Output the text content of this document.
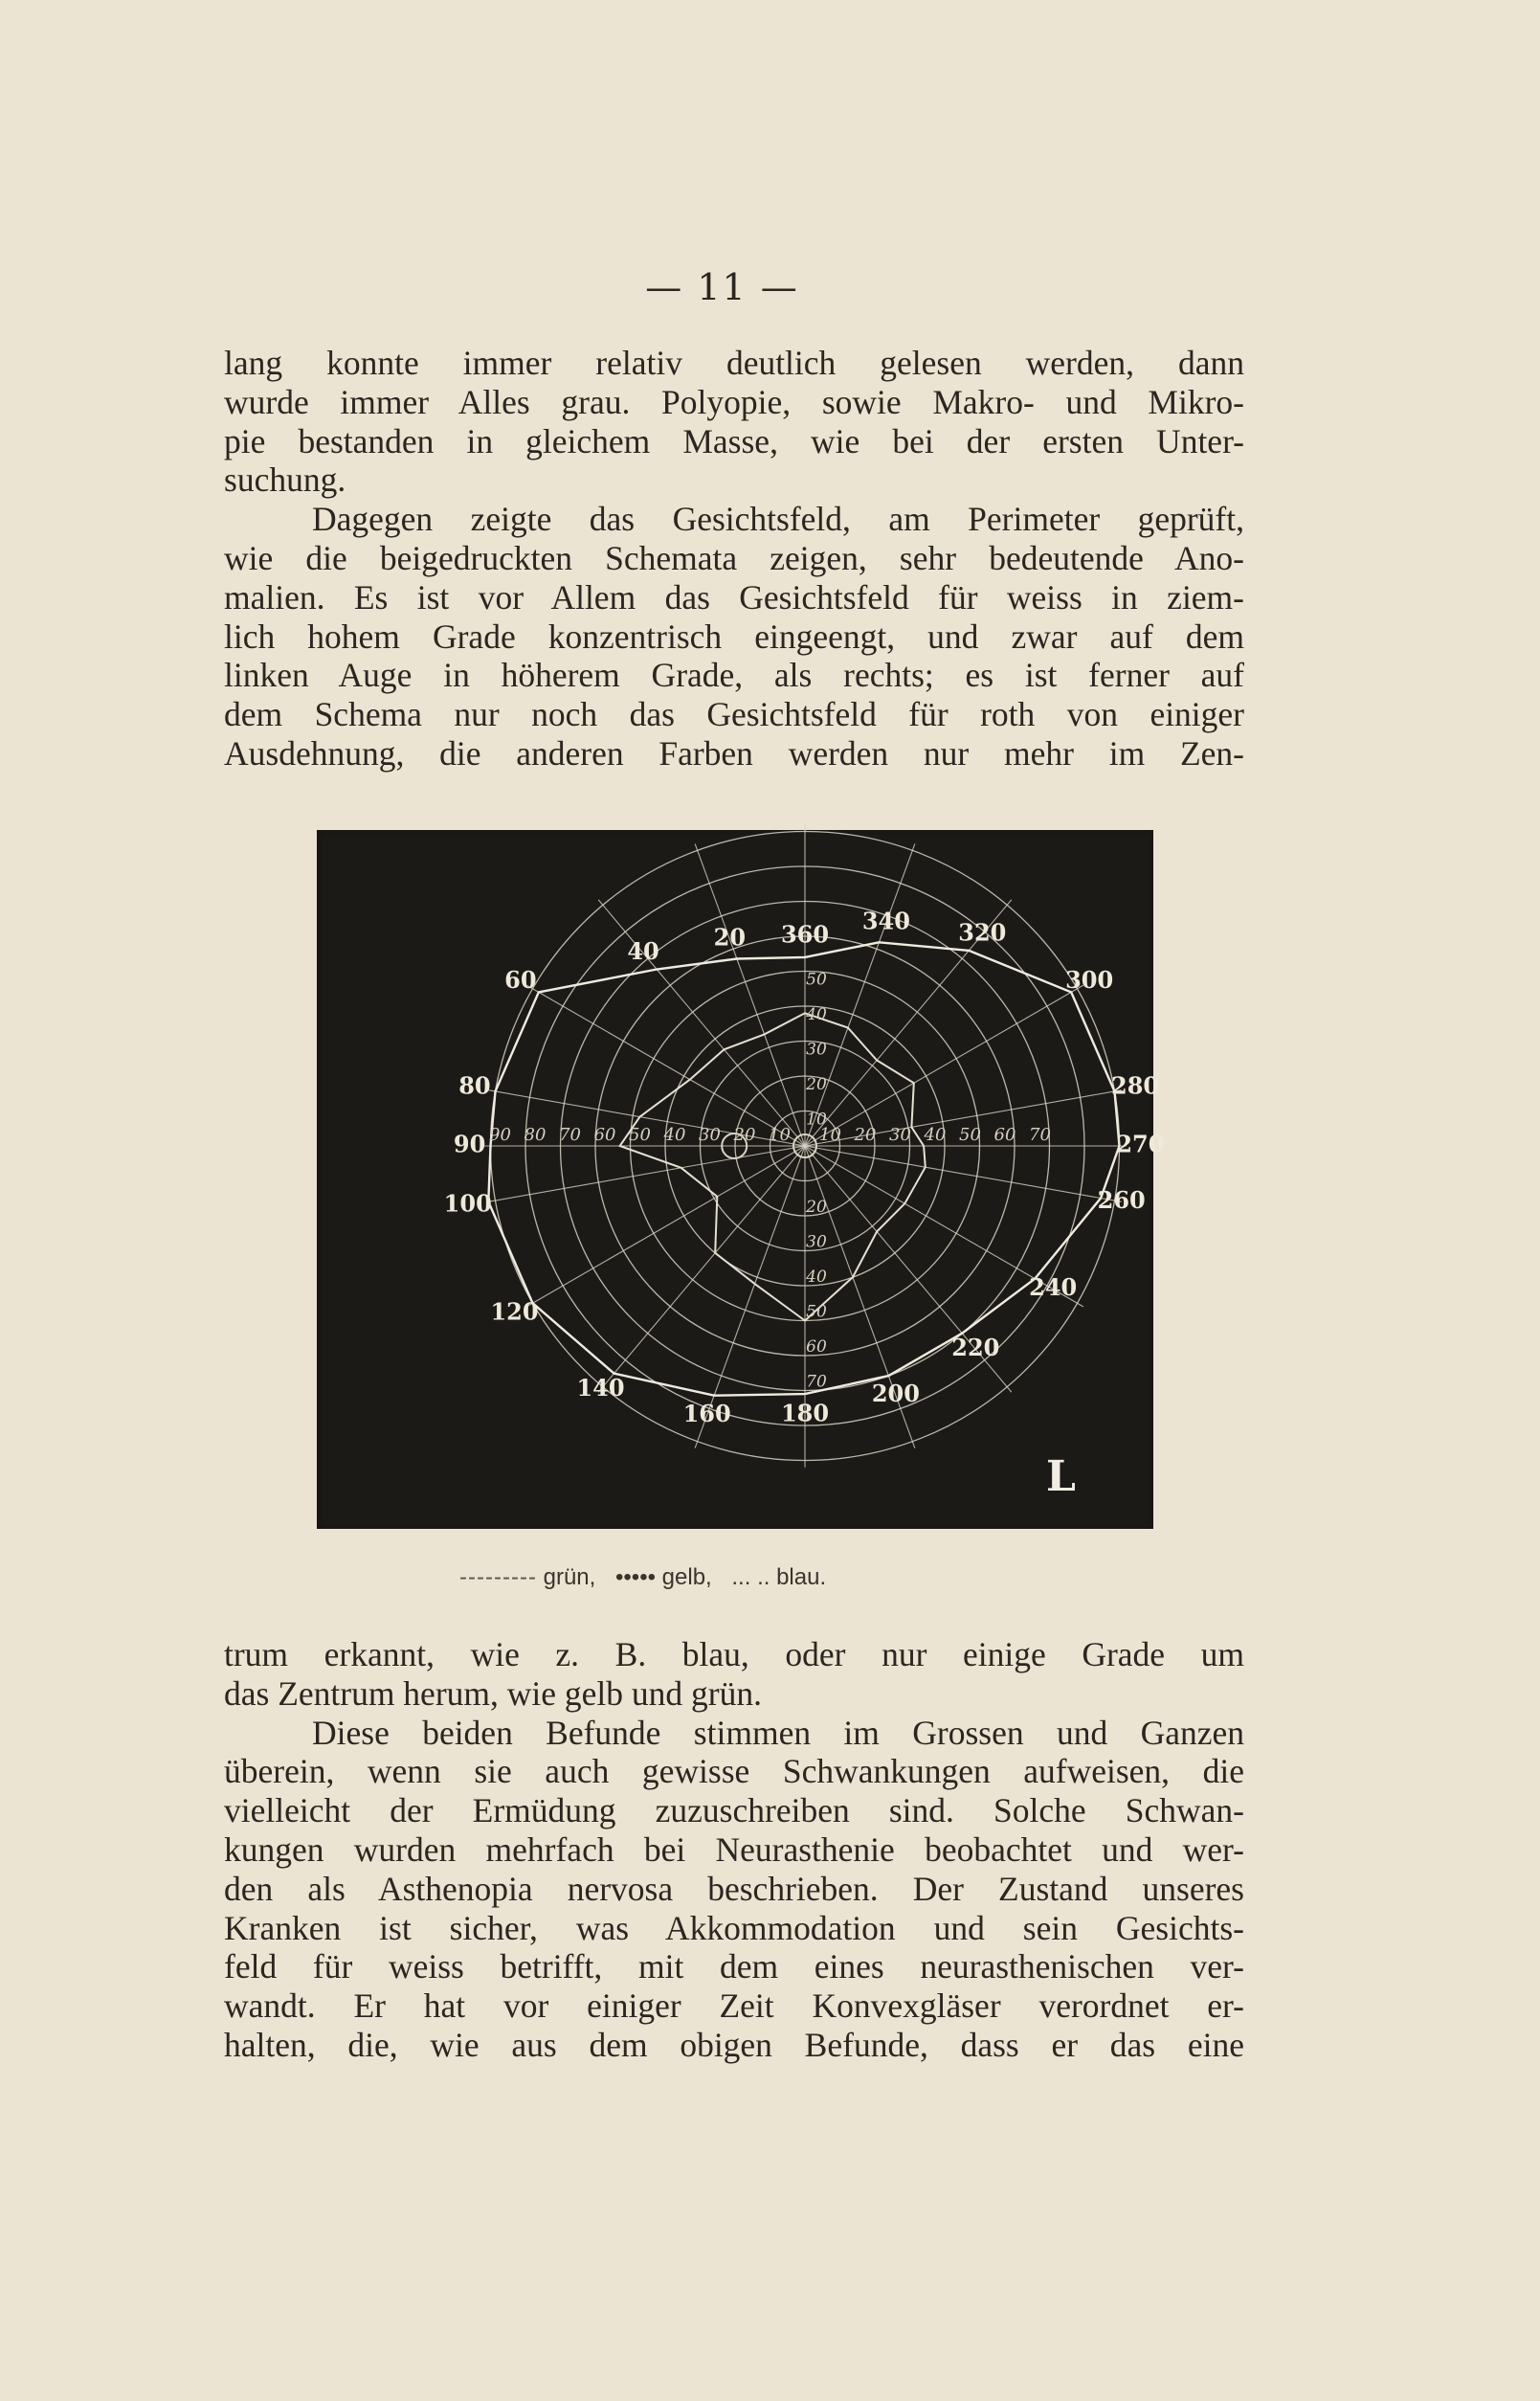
— 11 —
lang konnte immer relativ deutlich gelesen werden, dann
wurde immer Alles grau. Polyopie, sowie Makro- und Mikro-
pie bestanden in gleichem Masse, wie bei der ersten Unter-
suchung.
Dagegen zeigte das Gesichtsfeld, am Perimeter geprüft,
wie die beigedruckten Schemata zeigen, sehr bedeutende Ano-
malien. Es ist vor Allem das Gesichtsfeld für weiss in ziem-
lich hohem Grade konzentrisch eingeengt, und zwar auf dem
linken Auge in höherem Grade, als rechts; es ist ferner auf
dem Schema nur noch das Gesichtsfeld für roth von einiger
Ausdehnung, die anderen Farben werden nur mehr im Zen-
360
20
40
60
80
90
100
120
140
160 180
200
220
240
260
270
280
300
320
340
90 80 70 60 50 40 30 20 10 10 20 30 40 50 60 70
50
40
30
20
10
20
30
40
50
60
70
L
--------- grün, ••••• gelb, ... .. blau.
trum erkannt, wie z. B. blau, oder nur einige Grade um
das Zentrum herum, wie gelb und grün.
Diese beiden Befunde stimmen im Grossen und Ganzen
überein, wenn sie auch gewisse Schwankungen aufweisen, die
vielleicht der Ermüdung zuzuschreiben sind. Solche Schwan-
kungen wurden mehrfach bei Neurasthenie beobachtet und wer-
den als Asthenopia nervosa beschrieben. Der Zustand unseres
Kranken ist sicher, was Akkommodation und sein Gesichts-
feld für weiss betrifft, mit dem eines neurasthenischen ver-
wandt. Er hat vor einiger Zeit Konvexgläser verordnet er-
halten, die, wie aus dem obigen Befunde, dass er das eine
